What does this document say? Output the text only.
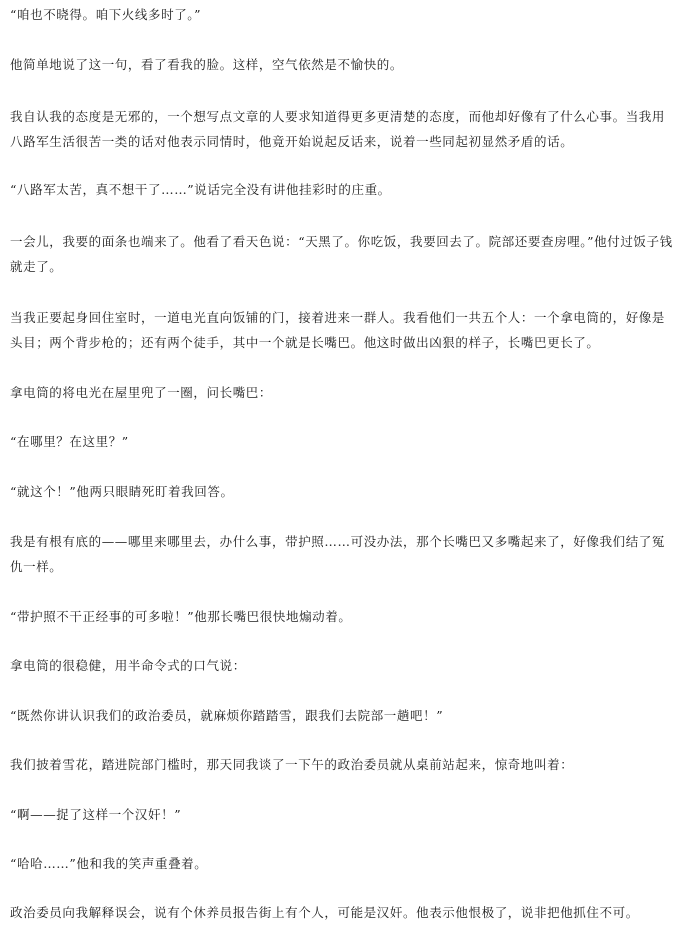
“咱也不晓得。咱下火线多时了。”

他简单地说了这一句，看了看我的脸。这样，空气依然是不愉快的。

我自认我的态度是无邪的，一个想写点文章的人要求知道得更多更清楚的态度，而他却好像有了什么心事。当我用八路军生活很苦一类的话对他表示同情时，他竟开始说起反话来，说着一些同起初显然矛盾的话。

“八路军太苦，真不想干了……”说话完全没有讲他挂彩时的庄重。

一会儿，我要的面条也端来了。他看了看天色说：“天黑了。你吃饭，我要回去了。院部还要查房哩。”他付过饭子钱就走了。

当我正要起身回住室时，一道电光直向饭铺的门，接着进来一群人。我看他们一共五个人：一个拿电筒的，好像是头目；两个背步枪的；还有两个徒手，其中一个就是长嘴巴。他这时做出凶狠的样子，长嘴巴更长了。

拿电筒的将电光在屋里兜了一圈，问长嘴巴：

“在哪里？在这里？”

“就这个！”他两只眼睛死盯着我回答。

我是有根有底的——哪里来哪里去，办什么事，带护照……可没办法，那个长嘴巴又多嘴起来了，好像我们结了冤仇一样。

“带护照不干正经事的可多啦！”他那长嘴巴很快地煽动着。

拿电筒的很稳健，用半命令式的口气说：

“既然你讲认识我们的政治委员，就麻烦你踏踏雪，跟我们去院部一趟吧！”

我们披着雪花，踏进院部门槛时，那天同我谈了一下午的政治委员就从桌前站起来，惊奇地叫着：

“啊——捉了这样一个汉奸！”

“哈哈……”他和我的笑声重叠着。

政治委员向我解释误会，说有个休养员报告街上有个人，可能是汉奸。他表示他恨极了，说非把他抓住不可。
